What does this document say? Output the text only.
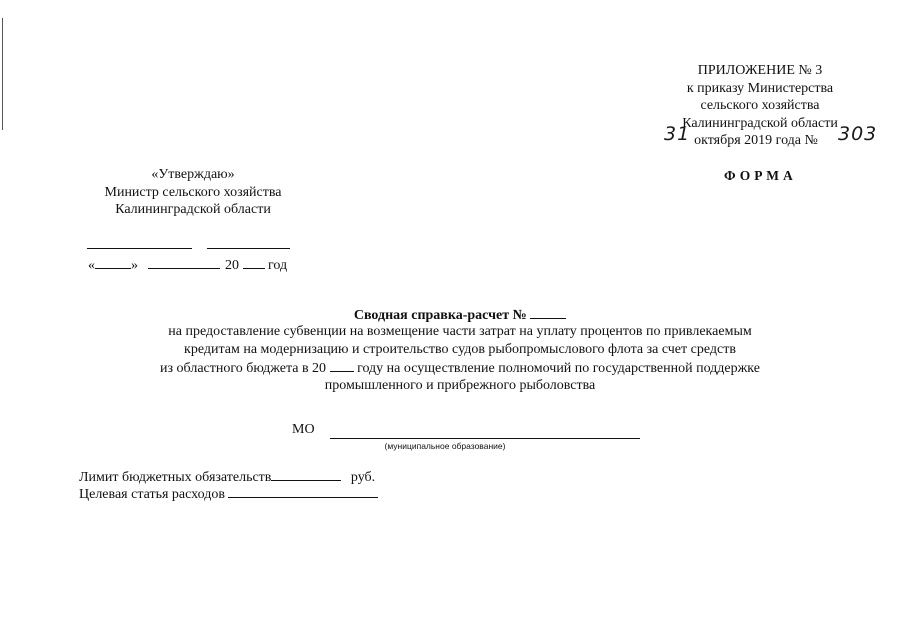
ПРИЛОЖЕНИЕ № 3
к приказу Министерства
сельского хозяйства
Калининградской области
31 октября 2019 года № 303
ФОРМА
«Утверждаю»
Министр сельского хозяйства
Калининградской области
«	»	20 год
Сводная справка-расчет №
на предоставление субвенции на возмещение части затрат на уплату процентов по привлекаемым
кредитам на модернизацию и строительство судов рыбопромыслового флота за счет средств
из областного бюджета в 20 году на осуществление полномочий по государственной поддержке
промышленного и прибрежного рыболовства
МО
(муниципальное образование)
Лимит бюджетных обязательств	руб.
Целевая статья расходов
